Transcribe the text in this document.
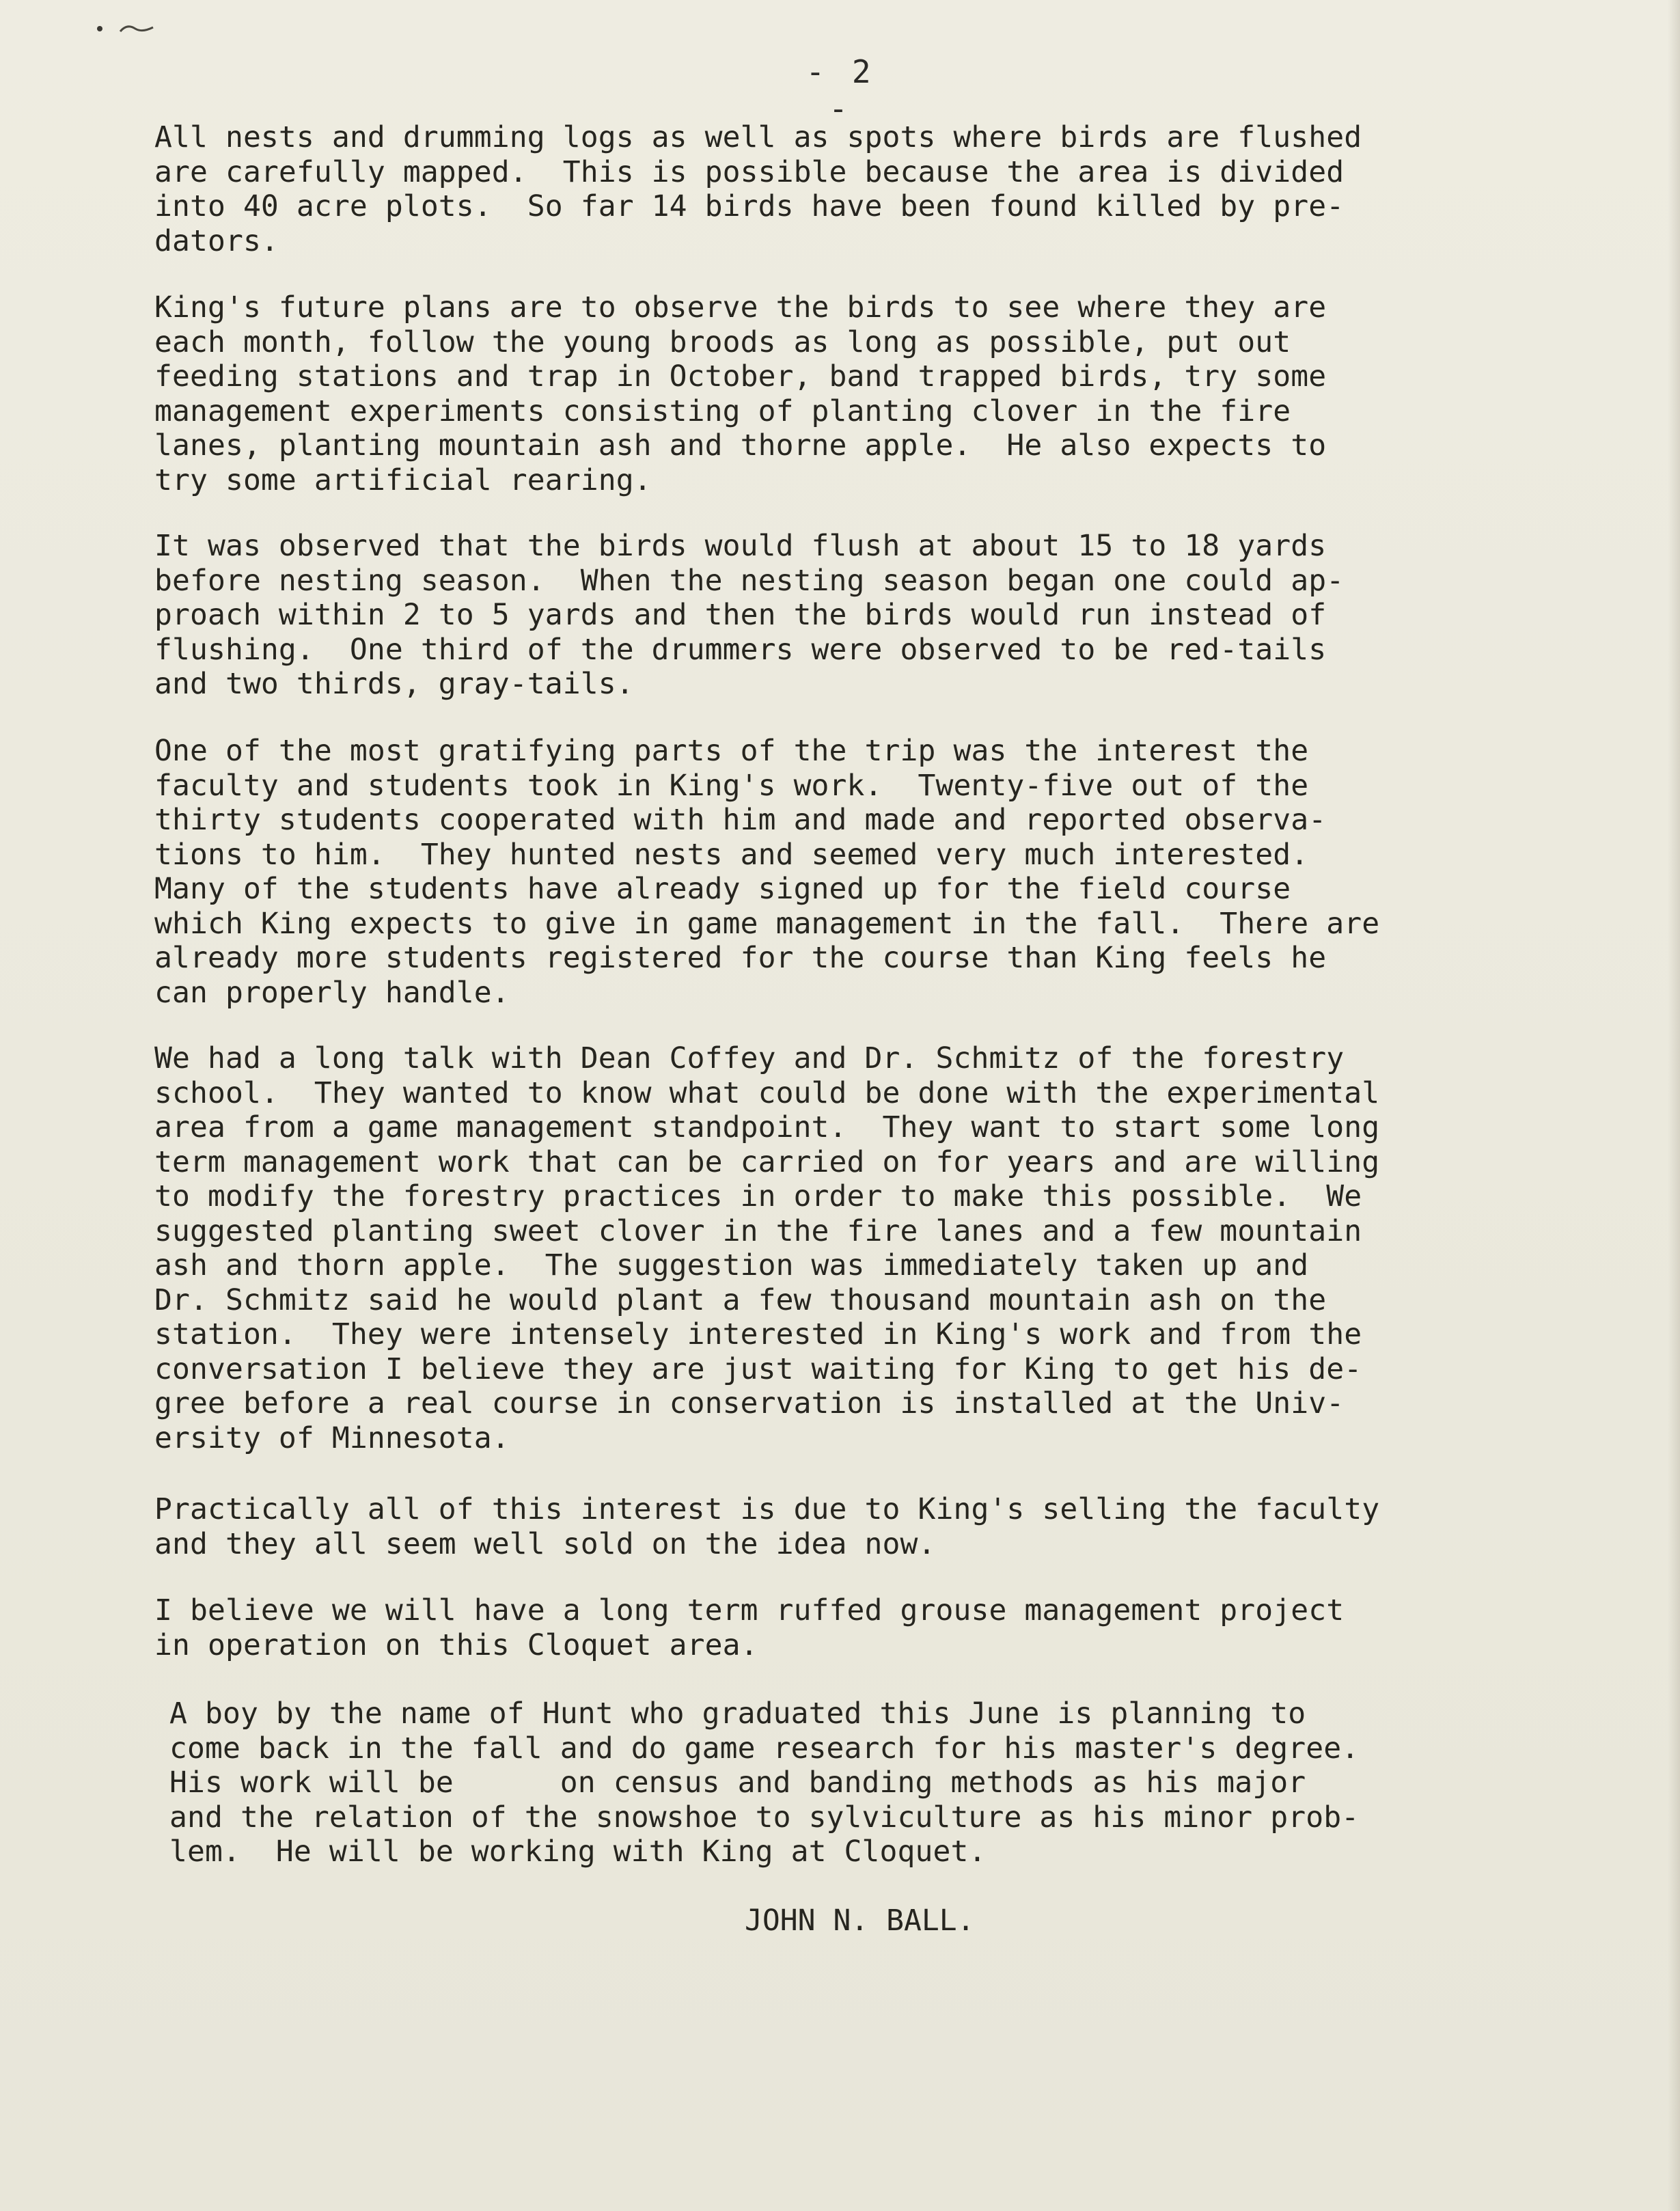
- 2 -
All nests and drumming logs as well as spots where birds are flushed
are carefully mapped.  This is possible because the area is divided
into 40 acre plots.  So far 14 birds have been found killed by pre-
dators.
King's future plans are to observe the birds to see where they are
each month, follow the young broods as long as possible, put out
feeding stations and trap in October, band trapped birds, try some
management experiments consisting of planting clover in the fire
lanes, planting mountain ash and thorne apple.  He also expects to
try some artificial rearing.
It was observed that the birds would flush at about 15 to 18 yards
before nesting season.  When the nesting season began one could ap-
proach within 2 to 5 yards and then the birds would run instead of
flushing.  One third of the drummers were observed to be red-tails
and two thirds, gray-tails.
One of the most gratifying parts of the trip was the interest the
faculty and students took in King's work.  Twenty-five out of the
thirty students cooperated with him and made and reported observa-
tions to him.  They hunted nests and seemed very much interested.
Many of the students have already signed up for the field course
which King expects to give in game management in the fall.  There are
already more students registered for the course than King feels he
can properly handle.
We had a long talk with Dean Coffey and Dr. Schmitz of the forestry
school.  They wanted to know what could be done with the experimental
area from a game management standpoint.  They want to start some long
term management work that can be carried on for years and are willing
to modify the forestry practices in order to make this possible.  We
suggested planting sweet clover in the fire lanes and a few mountain
ash and thorn apple.  The suggestion was immediately taken up and
Dr. Schmitz said he would plant a few thousand mountain ash on the
station.  They were intensely interested in King's work and from the
conversation I believe they are just waiting for King to get his de-
gree before a real course in conservation is installed at the Univ-
ersity of Minnesota.
Practically all of this interest is due to King's selling the faculty
and they all seem well sold on the idea now.
I believe we will have a long term ruffed grouse management project
in operation on this Cloquet area.
A boy by the name of Hunt who graduated this June is planning to
come back in the fall and do game research for his master's degree.
His work will be      on census and banding methods as his major
and the relation of the snowshoe to sylviculture as his minor prob-
lem.  He will be working with King at Cloquet.
JOHN N. BALL.
